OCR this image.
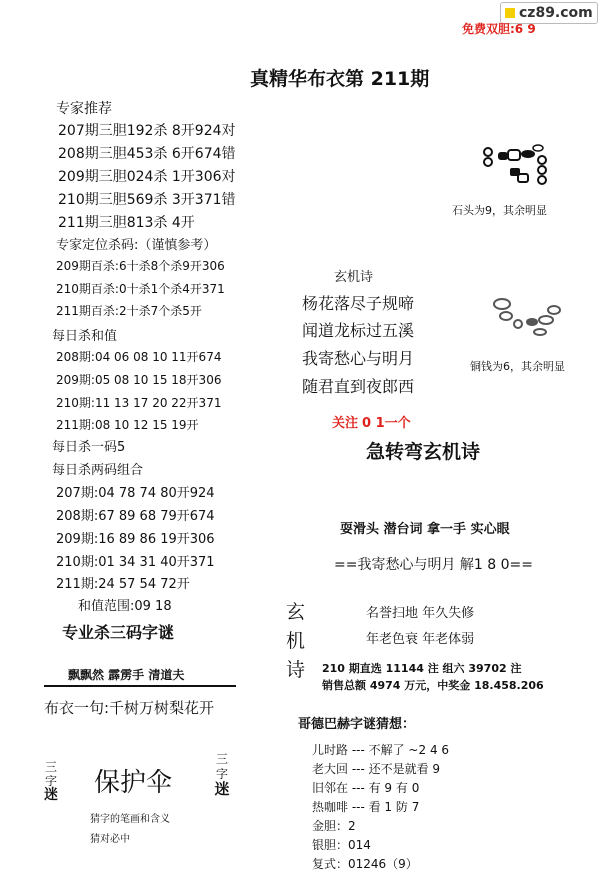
cz89.com
免费双胆:6 9
真精华布衣第 211期
专家推荐
207期三胆192杀 8开924对
208期三胆453杀 6开674错
209期三胆024杀 1开306对
210期三胆569杀 3开371错
211期三胆813杀 4开
专家定位杀码:（谨慎参考）
209期百杀:6十杀8个杀9开306
210期百杀:0十杀1个杀4开371
211期百杀:2十杀7个杀5开
每日杀和值
208期:04 06 08 10 11开674
209期:05 08 10 15 18开306
210期:11 13 17 20 22开371
211期:08 10 12 15 19开
每日杀一码5
每日杀两码组合
207期:04 78 74 80开924
208期:67 89 68 79开674
209期:16 89 86 19开306
210期:01 34 31 40开371
211期:24 57 54 72开
和值范围:09 18
专业杀三码字谜
飘飘然 霹雳手 清道夫
布衣一句:千树万树梨花开
三
字
迷 保护伞
三
字
迷
猜字的笔画和含义
猜对必中
石头为9，其余明显
铜钱为6，其余明显
玄机诗
杨花落尽子规啼
闻道龙标过五溪
我寄愁心与明月
随君直到夜郎西
关注 0 1一个
急转弯玄机诗
耍滑头 潜台词 拿一手 实心眼
==我寄愁心与明月 解1 8 0==
玄
机
诗
名誉扫地 年久失修
年老色衰 年老体弱
210 期直选 11144 注 组六 39702 注
销售总额 4974 万元，中奖金 18.458.206
哥德巴赫字谜猜想：
儿时路 --- 不解了 ~2 4 6
老大回 --- 还不是就看 9
旧邻在 --- 有 9 有 0
热咖啡 --- 看 1 防 7
金胆：2
银胆：014
复式：01246（9）
